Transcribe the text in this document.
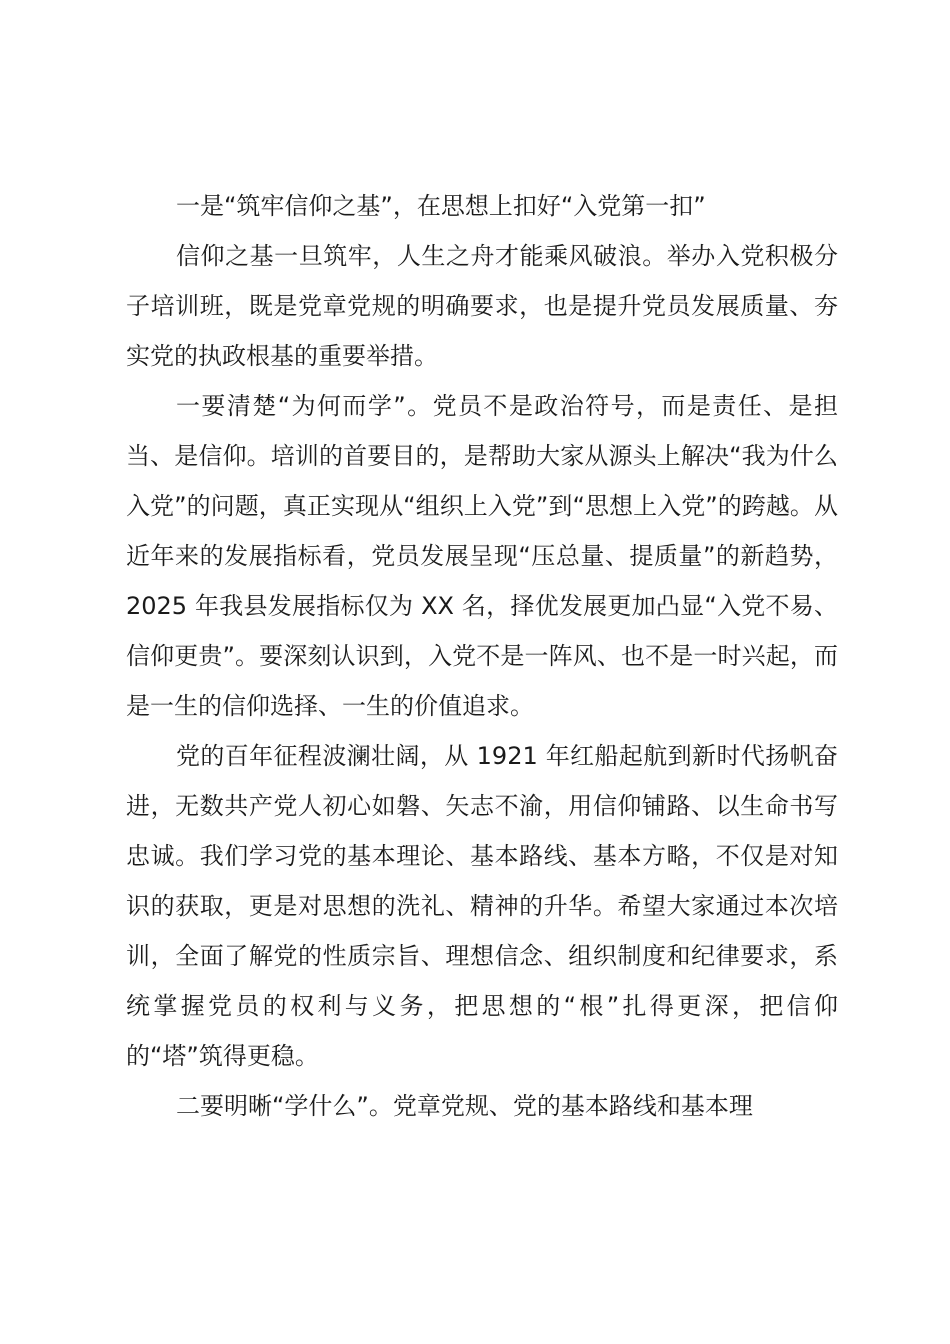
一是“筑牢信仰之基”，在思想上扣好“入党第一扣”

信仰之基一旦筑牢，人生之舟才能乘风破浪。举办入党积极分子培训班，既是党章党规的明确要求，也是提升党员发展质量、夯实党的执政根基的重要举措。

一要清楚“为何而学”。党员不是政治符号，而是责任、是担当、是信仰。培训的首要目的，是帮助大家从源头上解决“我为什么入党”的问题，真正实现从“组织上入党”到“思想上入党”的跨越。从近年来的发展指标看，党员发展呈现“压总量、提质量”的新趋势，2025 年我县发展指标仅为 XX 名，择优发展更加凸显“入党不易、信仰更贵”。要深刻认识到，入党不是一阵风、也不是一时兴起，而是一生的信仰选择、一生的价值追求。

党的百年征程波澜壮阔，从 1921 年红船起航到新时代扬帆奋进，无数共产党人初心如磐、矢志不渝，用信仰铺路、以生命书写忠诚。我们学习党的基本理论、基本路线、基本方略，不仅是对知识的获取，更是对思想的洗礼、精神的升华。希望大家通过本次培训，全面了解党的性质宗旨、理想信念、组织制度和纪律要求，系统掌握党员的权利与义务，把思想的“根”扎得更深，把信仰的“塔”筑得更稳。

二要明晰“学什么”。党章党规、党的基本路线和基本理
